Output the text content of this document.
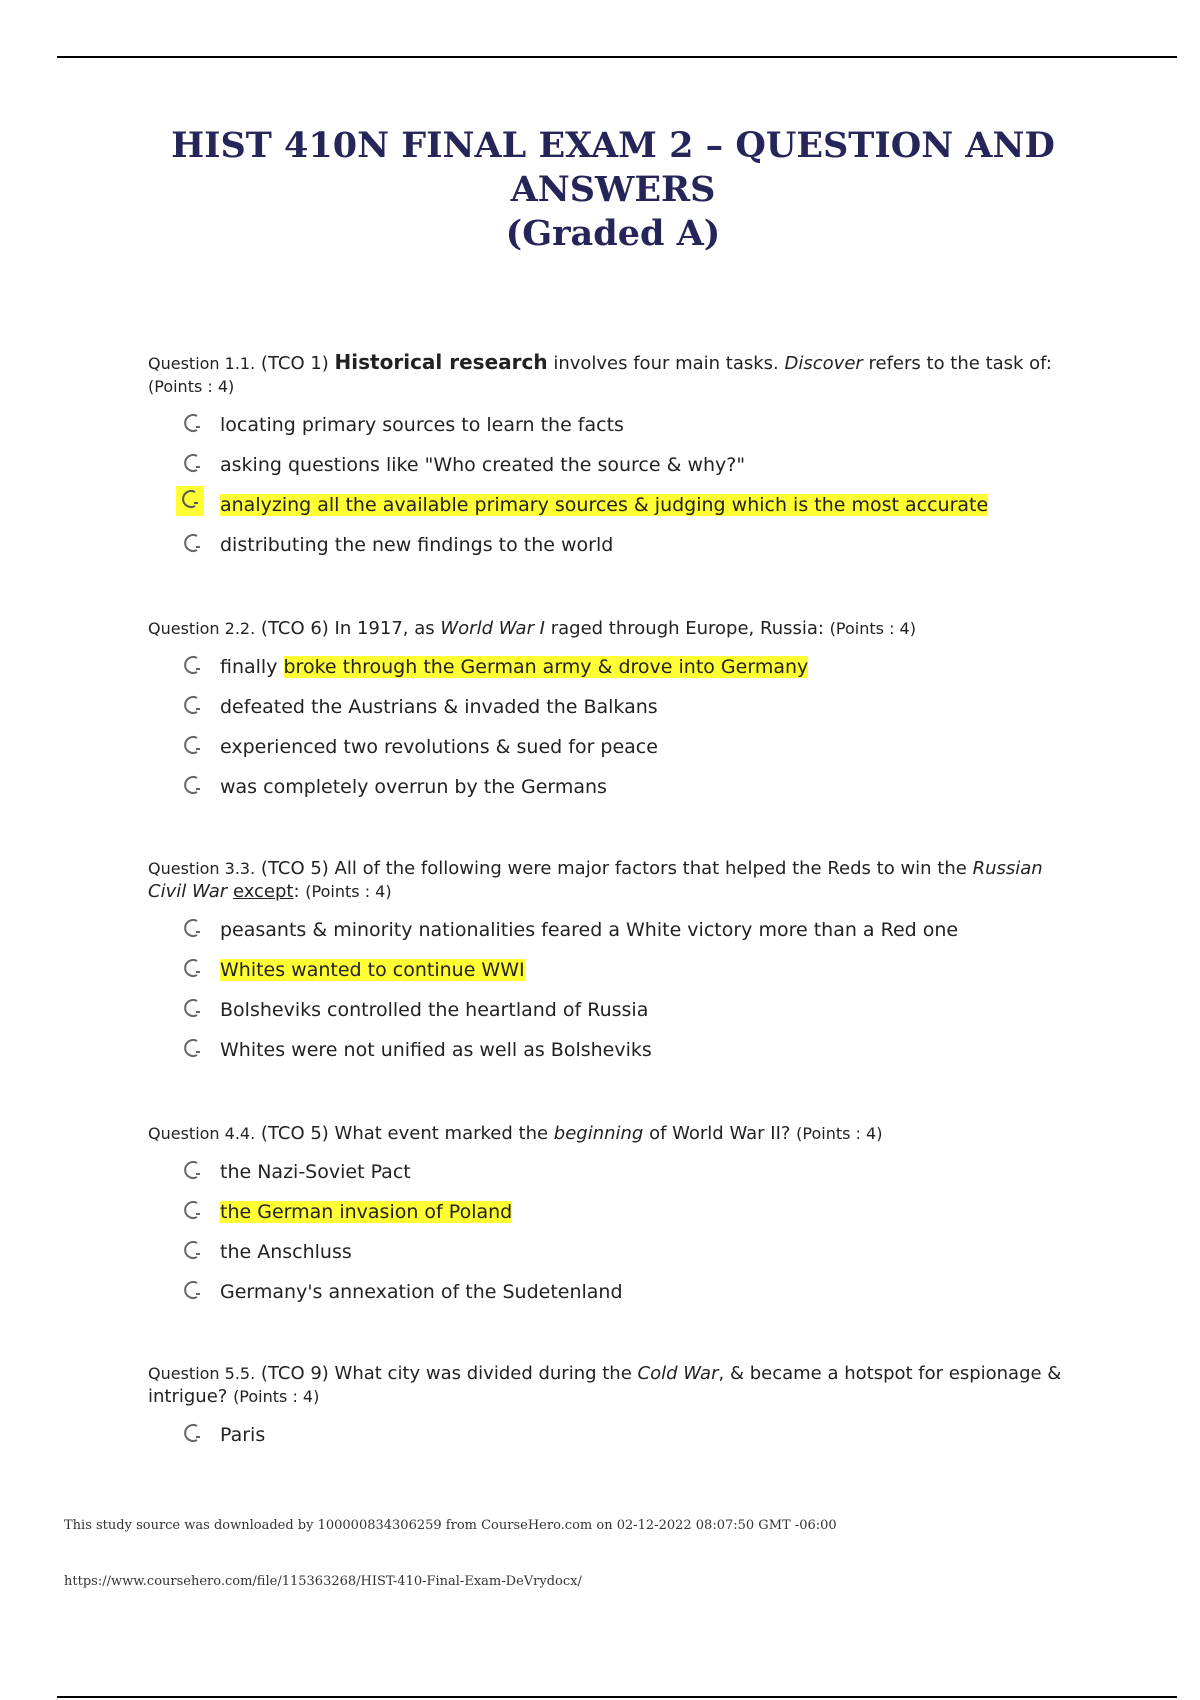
HIST 410N FINAL EXAM 2 – QUESTION AND ANSWERS
(Graded A)

Question 1.1. (TCO 1) Historical research involves four main tasks. Discover refers to the task of: (Points : 4)

locating primary sources to learn the facts
asking questions like "Who created the source & why?"
analyzing all the available primary sources & judging which is the most accurate
distributing the new findings to the world

Question 2.2. (TCO 6) In 1917, as World War I raged through Europe, Russia: (Points : 4)

finally broke through the German army & drove into Germany
defeated the Austrians & invaded the Balkans
experienced two revolutions & sued for peace
was completely overrun by the Germans

Question 3.3. (TCO 5) All of the following were major factors that helped the Reds to win the Russian Civil War except: (Points : 4)

peasants & minority nationalities feared a White victory more than a Red one
Whites wanted to continue WWI
Bolsheviks controlled the heartland of Russia
Whites were not unified as well as Bolsheviks

Question 4.4. (TCO 5) What event marked the beginning of World War II? (Points : 4)

the Nazi-Soviet Pact
the German invasion of Poland
the Anschluss
Germany's annexation of the Sudetenland

Question 5.5. (TCO 9) What city was divided during the Cold War, & became a hotspot for espionage & intrigue? (Points : 4)

Paris
This study source was downloaded by 100000834306259 from CourseHero.com on 02-12-2022 08:07:50 GMT -06:00
https://www.coursehero.com/file/115363268/HIST-410-Final-Exam-DeVrydocx/
